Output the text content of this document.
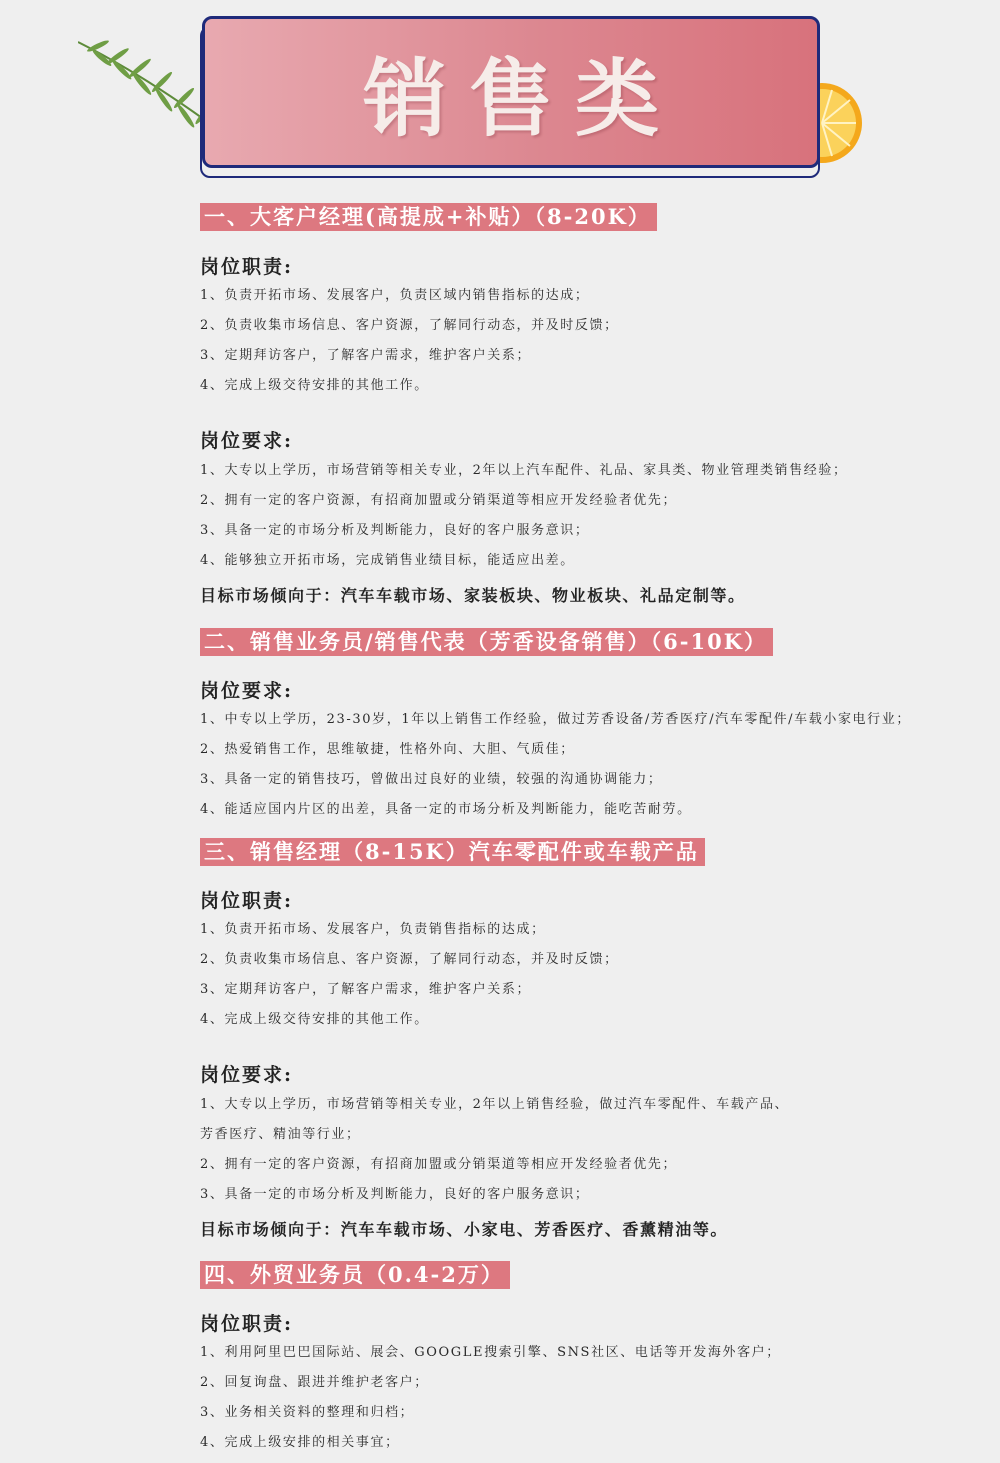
销售类
一、大客户经理(高提成+补贴）（8-20K）
岗位职责:
1、负责开拓市场、发展客户，负责区域内销售指标的达成；
2、负责收集市场信息、客户资源，了解同行动态，并及时反馈；
3、定期拜访客户，了解客户需求，维护客户关系；
4、完成上级交待安排的其他工作。
岗位要求:
1、大专以上学历，市场营销等相关专业，2年以上汽车配件、礼品、家具类、物业管理类销售经验；
2、拥有一定的客户资源，有招商加盟或分销渠道等相应开发经验者优先；
3、具备一定的市场分析及判断能力，良好的客户服务意识；
4、能够独立开拓市场，完成销售业绩目标，能适应出差。
目标市场倾向于：汽车车载市场、家装板块、物业板块、礼品定制等。
二、销售业务员/销售代表（芳香设备销售）（6-10K）
岗位要求:
1、中专以上学历，23-30岁，1年以上销售工作经验，做过芳香设备/芳香医疗/汽车零配件/车载小家电行业；
2、热爱销售工作，思维敏捷，性格外向、大胆、气质佳；
3、具备一定的销售技巧，曾做出过良好的业绩，较强的沟通协调能力；
4、能适应国内片区的出差，具备一定的市场分析及判断能力，能吃苦耐劳。
三、销售经理（8-15K）汽车零配件或车载产品
岗位职责:
1、负责开拓市场、发展客户，负责销售指标的达成；
2、负责收集市场信息、客户资源，了解同行动态，并及时反馈；
3、定期拜访客户，了解客户需求，维护客户关系；
4、完成上级交待安排的其他工作。
岗位要求:
1、大专以上学历，市场营销等相关专业，2年以上销售经验，做过汽车零配件、车载产品、
芳香医疗、精油等行业；
2、拥有一定的客户资源，有招商加盟或分销渠道等相应开发经验者优先；
3、具备一定的市场分析及判断能力，良好的客户服务意识；
目标市场倾向于：汽车车载市场、小家电、芳香医疗、香薰精油等。
四、外贸业务员（0.4-2万）
岗位职责:
1、利用阿里巴巴国际站、展会、GOOGLE搜索引擎、SNS社区、电话等开发海外客户；
2、回复询盘、跟进并维护老客户；
3、业务相关资料的整理和归档；
4、完成上级安排的相关事宜；
